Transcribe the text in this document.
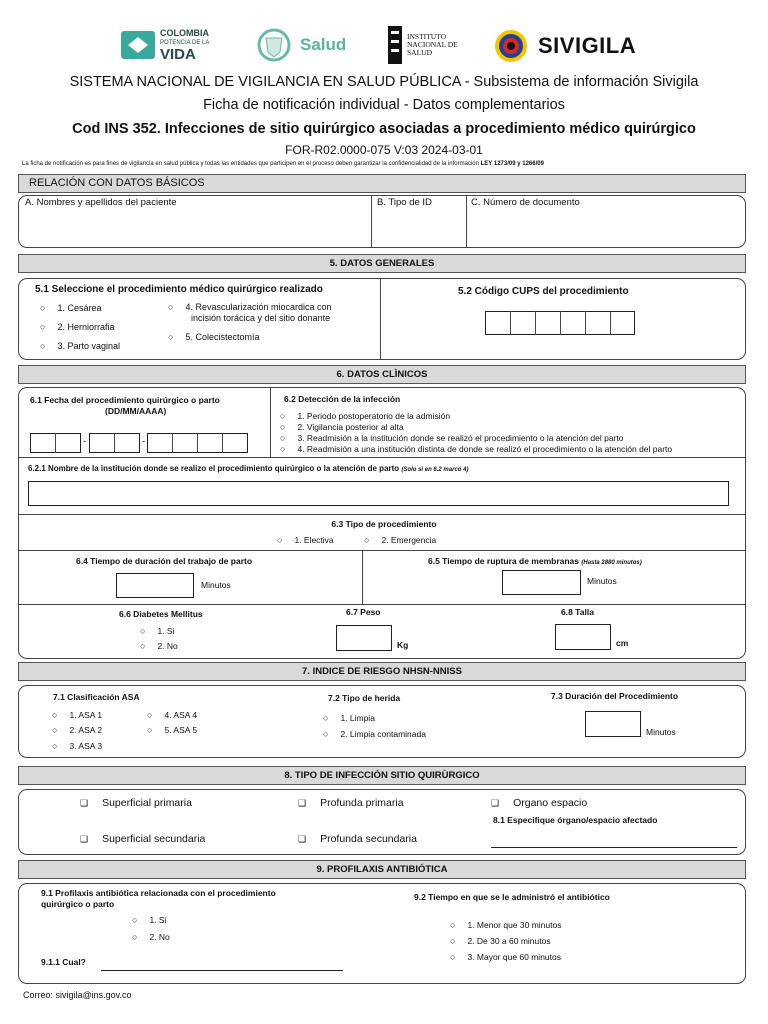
COLOMBIA
POTENCIA DE LA
VIDA
Salud	INSTITUTO
NACIONAL DE
SALUD	SIVIGILA
SISTEMA NACIONAL DE VIGILANCIA EN SALUD PÚBLICA - Subsistema de información Sivigila
Ficha de notificación individual - Datos complementarios
Cod INS 352. Infecciones de sitio quirúrgico asociadas a procedimiento médico quirúrgico
FOR-R02.0000-075 V:03 2024-03-01
La ficha de notificación es para fines de vigilancia en salud pública y todas las entidades que participen en el proceso deben garantizar la confidencialidad de la información LEY 1273/09 y 1266/09
RELACIÓN CON DATOS BÁSICOS
A. Nombres y apellidos del paciente	B. Tipo de ID	C. Número de documento
5. DATOS GENERALES
5.1 Seleccione el procedimiento médico quirúrgico realizado
○ 1. Cesárea
○ 2. Herniorrafia
○ 3. Parto vaginal
○ 4. Revascularización miocardica con
incisión torácica y del sitio donante
○ 5. Colecistectomía
5.2 Código CUPS del procedimiento
6. DATOS CLÌNICOS
6.1 Fecha del procedimiento quirúrgico o parto
(DD/MM/AAAA)
-	-
6.2 Detección de la infección
○ 1. Periodo postoperatorio de la admisión
○ 2. Vigilancia posterior al alta
○ 3. Readmisión a la institución donde se realizó el procedimiento o la atención del parto
○ 4. Readmisión a una institución distinta de donde se realizó el procedimiento o la atención del parto
6.2.1 Nombre de la institución donde se realizo el procedimiento quirúrgico o la atención de parto (Solo si en 6.2 marcó 4)
6.3 Tipo de procedimiento
○ 1. Electiva	○ 2. Emergencia
6.4 Tiempo de duración del trabajo de parto
Minutos
6.5 Tiempo de ruptura de membranas (Hasta 2880 minutos)
Minutos
6.6 Diabetes Mellitus
○ 1. Si
○ 2. No
6.7 Peso
Kg
6.8 Talla
cm
7. INDICE DE RIESGO NHSN-NNISS
7.1 Clasificación ASA
○ 1. ASA 1
○ 2. ASA 2
○ 3. ASA 3
○ 4. ASA 4
○ 5. ASA 5
7.2 Tipo de herida
○ 1. Limpia
○ 2. Limpia contaminada
7.3 Duración del Procedimiento
Minutos
8. TIPO DE INFECCIÓN SITIO QUIRÙRGICO
❑ Superficial primaria	❑ Profunda primaria	❑ Organo espacio
❑ Superficial secundaria	❑ Profunda secundaria
8.1 Especifique órgano/espacio afectado
9. PROFILAXIS ANTIBIÓTICA
9.1 Profilaxis antibiótica relacionada con el procedimiento
quirúrgico o parto
○ 1. Si
○ 2. No
9.1.1 Cual?
9.2 Tiempo en que se le administró el antibiótico
○ 1. Menor que 30 minutos
○ 2. De 30 a 60 minutos
○ 3. Mayor que 60 minutos
Correo: sivigila@ins.gov.co
